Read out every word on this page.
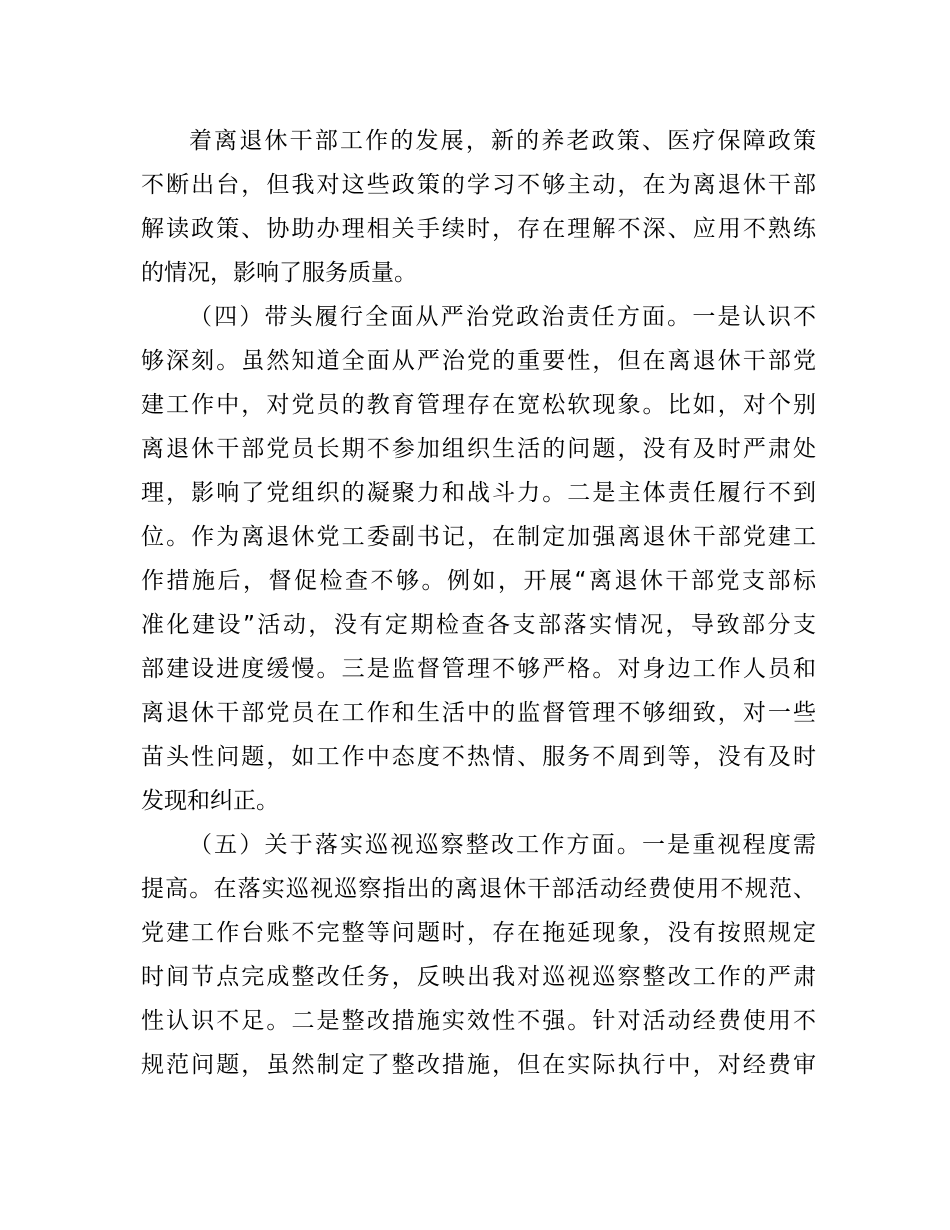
着离退休干部工作的发展，新的养老政策、医疗保障政策
不断出台，但我对这些政策的学习不够主动，在为离退休干部
解读政策、协助办理相关手续时，存在理解不深、应用不熟练
的情况，影响了服务质量。
（四）带头履行全面从严治党政治责任方面。一是认识不
够深刻。虽然知道全面从严治党的重要性，但在离退休干部党
建工作中，对党员的教育管理存在宽松软现象。比如，对个别
离退休干部党员长期不参加组织生活的问题，没有及时严肃处
理，影响了党组织的凝聚力和战斗力。二是主体责任履行不到
位。作为离退休党工委副书记，在制定加强离退休干部党建工
作措施后，督促检查不够。例如，开展“离退休干部党支部标
准化建设”活动，没有定期检查各支部落实情况，导致部分支
部建设进度缓慢。三是监督管理不够严格。对身边工作人员和
离退休干部党员在工作和生活中的监督管理不够细致，对一些
苗头性问题，如工作中态度不热情、服务不周到等，没有及时
发现和纠正。
（五）关于落实巡视巡察整改工作方面。一是重视程度需
提高。在落实巡视巡察指出的离退休干部活动经费使用不规范、
党建工作台账不完整等问题时，存在拖延现象，没有按照规定
时间节点完成整改任务，反映出我对巡视巡察整改工作的严肃
性认识不足。二是整改措施实效性不强。针对活动经费使用不
规范问题，虽然制定了整改措施，但在实际执行中，对经费审
